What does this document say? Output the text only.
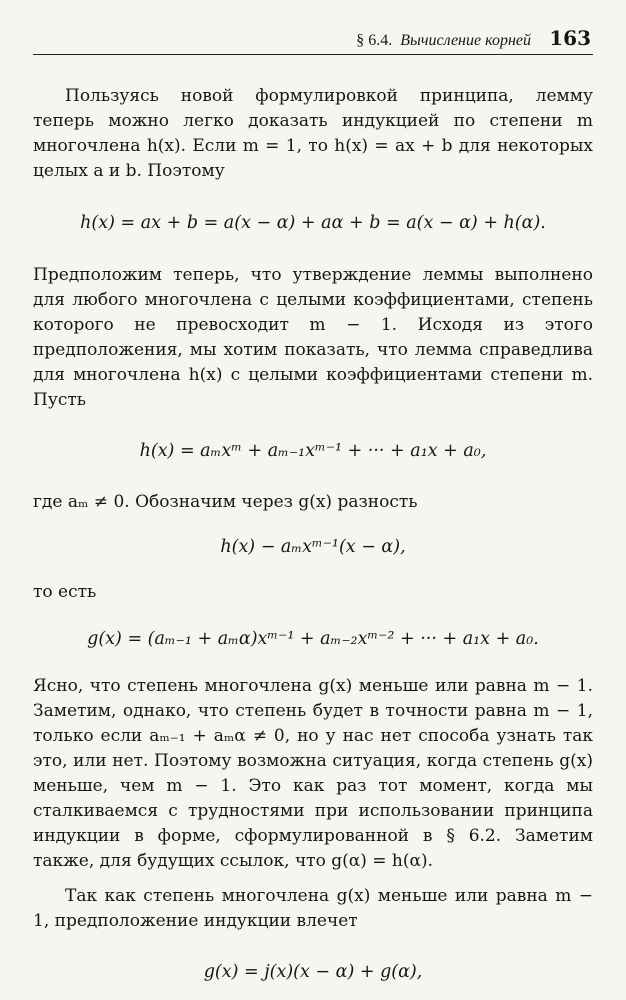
§ 6.4. Вычисление корней 163

Пользуясь новой формулировкой принципа, лемму теперь можно легко доказать индукцией по степени m многочлена h(x). Если m = 1, то h(x) = ax + b для некоторых целых a и b. Поэтому

h(x) = ax + b = a(x − α) + aα + b = a(x − α) + h(α).

Предположим теперь, что утверждение леммы выполнено для любого многочлена с целыми коэффициентами, степень которого не превосходит m − 1. Исходя из этого предположения, мы хотим показать, что лемма справедлива для многочлена h(x) с целыми коэффициентами степени m. Пусть

h(x) = aₘxᵐ + aₘ₋₁xᵐ⁻¹ + ··· + a₁x + a₀,

где aₘ ≠ 0. Обозначим через g(x) разность

h(x) − aₘxᵐ⁻¹(x − α),

то есть

g(x) = (aₘ₋₁ + aₘα)xᵐ⁻¹ + aₘ₋₂xᵐ⁻² + ··· + a₁x + a₀.

Ясно, что степень многочлена g(x) меньше или равна m − 1. Заметим, однако, что степень будет в точности равна m − 1, только если aₘ₋₁ + aₘα ≠ 0, но у нас нет способа узнать так это, или нет. Поэтому возможна ситуация, когда степень g(x) меньше, чем m − 1. Это как раз тот момент, когда мы сталкиваемся с трудностями при использовании принципа индукции в форме, сформулированной в § 6.2. Заметим также, для будущих ссылок, что g(α) = h(α).

Так как степень многочлена g(x) меньше или равна m − 1, предположение индукции влечет

g(x) = j(x)(x − α) + g(α),
